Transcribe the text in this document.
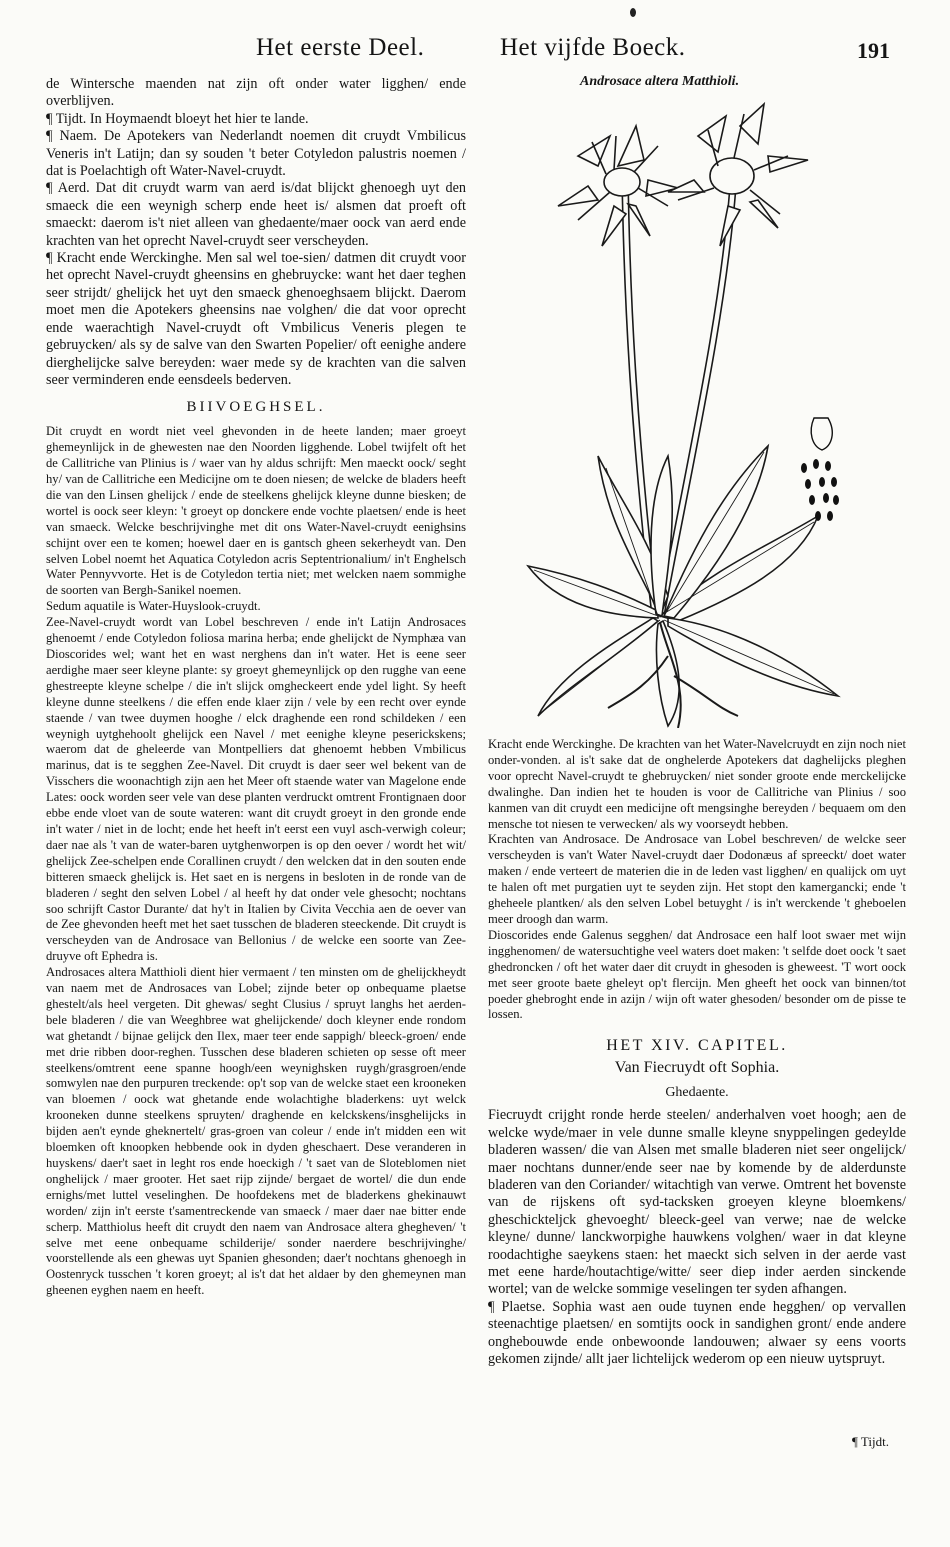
Het eerste Deel.	Het vijfde Boeck.	191
Androsace altera Matthioli.

de Wintersche maenden nat zijn oft onder water ligghen/ ende overblijven.

¶ Tijdt. In Hoymaendt bloeyt het hier te lande.

¶ Naem. De Apotekers van Nederlandt noemen dit cruydt Vmbilicus Veneris in't Latijn; dan sy souden 't beter Cotyledon palustris noemen / dat is Poelachtigh oft Water-Navel-cruydt.

¶ Aerd. Dat dit cruydt warm van aerd is/dat blijckt ghenoegh uyt den smaeck die een weynigh scherp ende heet is/ alsmen dat proeft oft smaeckt: daerom is't niet alleen van ghedaente/maer oock van aerd ende krachten van het oprecht Navel-cruydt seer verscheyden.

¶ Kracht ende Werckinghe. Men sal wel toe-sien/ datmen dit cruydt voor het oprecht Navel-cruydt gheensins en ghebruycke: want het daer teghen seer strijdt/ ghelijck het uyt den smaeck ghenoeghsaem blijckt. Daerom moet men die Apotekers gheensins nae volghen/ die dat voor oprecht ende waerachtigh Navel-cruydt oft Vmbilicus Veneris plegen te gebruycken/ als sy de salve van den Swarten Popelier/ oft eenighe andere dierghelijcke salve bereyden: waer mede sy de krachten van die salven seer verminderen ende eensdeels bederven.

BIIVOEGHSEL.

Dit cruydt en wordt niet veel ghevonden in de heete landen; maer groeyt ghemeynlijck in de ghewesten nae den Noorden ligghende. Lobel twijfelt oft het de Callitriche van Plinius is / waer van hy aldus schrijft: Men maeckt oock/ seght hy/ van de Callitriche een Medicijne om te doen niesen; de welcke de bladers heeft die van den Linsen ghelijck / ende de steelkens ghelijck kleyne dunne biesken; de wortel is oock seer kleyn: 't groeyt op donckere ende vochte plaetsen/ ende is heet van smaeck. Welcke beschrijvinghe met dit ons Water-Navel-cruydt eenighsins schijnt over een te komen; hoewel daer en is gantsch gheen sekerheydt van. Den selven Lobel noemt het Aquatica Cotyledon acris Septentrionalium/ in't Enghelsch Water Pennyvvorte. Het is de Cotyledon tertia niet; met welcken naem sommighe de soorten van Bergh-Sanikel noemen.

Sedum aquatile is Water-Huyslook-cruydt.

Zee-Navel-cruydt wordt van Lobel beschreven / ende in't Latijn Androsaces ghenoemt / ende Cotyledon foliosa marina herba; ende ghelijckt de Nymphæa van Dioscorides wel; want het en wast nerghens dan in't water. Het is eene seer aerdighe maer seer kleyne plante: sy groeyt ghemeynlijck op den rugghe van eene ghestreepte kleyne schelpe / die in't slijck omgheckeert ende ydel light. Sy heeft kleyne dunne steelkens / die effen ende klaer zijn / vele by een recht over eynde staende / van twee duymen hooghe / elck draghende een rond schildeken / een weynigh uytghehoolt ghelijck een Navel / met eenighe kleyne peserickskens; waerom dat de gheleerde van Montpelliers dat ghenoemt hebben Vmbilicus marinus, dat is te segghen Zee-Navel. Dit cruydt is daer seer wel bekent van de Visschers die woonachtigh zijn aen het Meer oft staende water van Magelone ende Lates: oock worden seer vele van dese planten verdruckt omtrent Frontignaen door ebbe ende vloet van de soute wateren: want dit cruydt groeyt in den gronde ende in't water / niet in de locht; ende het heeft in't eerst een vuyl asch-verwigh coleur; daer nae als 't van de water-baren uytghenworpen is op den oever / wordt het wit/ ghelijck Zee-schelpen ende Corallinen cruydt / den welcken dat in den souten ende bitteren smaeck ghelijck is. Het saet en is nergens in besloten in de ronde van de bladeren / seght den selven Lobel / al heeft hy dat onder vele ghesocht; nochtans soo schrijft Castor Durante/ dat hy't in Italien by Civita Vecchia aen de oever van de Zee ghevonden heeft met het saet tusschen de bladeren steeckende. Dit cruydt is verscheyden van de Androsace van Bellonius / de welcke een soorte van Zee-druyve oft Ephedra is.

Androsaces altera Matthioli dient hier vermaent / ten minsten om de ghelijckheydt van naem met de Androsaces van Lobel; zijnde beter op onbequame plaetse ghestelt/als heel vergeten. Dit ghewas/ seght Clusius / spruyt langhs het aerden-bele bladeren / die van Weeghbree wat ghelijckende/ doch kleyner ende rondom wat ghetandt / bijnae gelijck den Ilex, maer teer ende sappigh/ bleeck-groen/ ende met drie ribben door-reghen. Tusschen dese bladeren schieten op sesse oft meer steelkens/omtrent eene spanne hoogh/een weynighsken ruygh/grasgroen/ende somwylen nae den purpuren treckende: op't sop van de welcke staet een krooneken van bloemen / oock wat ghetande ende wolachtighe bladerkens: uyt welck krooneken dunne steelkens spruyten/ draghende en kelckskens/insghelijcks in bijden aen't eynde gheknertelt/ gras-groen van coleur / ende in't midden een wit bloemken oft knoopken hebbende ook in dyden gheschaert. Dese veranderen in huyskens/ daer't saet in leght ros ende hoeckigh / 't saet van de Sloteblomen niet onghelijck / maer grooter. Het saet rijp zijnde/ bergaet de wortel/ die dun ende ernighs/met luttel veselinghen. De hoofdekens met de bladerkens ghekinauwt worden/ zijn in't eerste t'samentreckende van smaeck / maer daer nae bitter ende scherp. Matthiolus heeft dit cruydt den naem van Androsace altera ghegheven/ 't selve met eene onbequame schilderije/ sonder naerdere beschrijvinghe/ voorstellende als een ghewas uyt Spanien ghesonden; daer't nochtans ghenoegh in Oostenryck tusschen 't koren groeyt; al is't dat het aldaer by den ghemeynen man gheenen eyghen naem en heeft.

Kracht ende Werckinghe. De krachten van het Water-Navelcruydt en zijn noch niet onder-vonden. al is't sake dat de onghelerde Apotekers dat daghelijcks pleghen voor oprecht Navel-cruydt te ghebruycken/ niet sonder groote ende merckelijcke dwalinghe. Dan indien het te houden is voor de Callitriche van Plinius / soo kanmen van dit cruydt een medicijne oft mengsinghe bereyden / bequaem om den mensche tot niesen te verwecken/ als wy voorseydt hebben.

Krachten van Androsace. De Androsace van Lobel beschreven/ de welcke seer verscheyden is van't Water Navel-cruydt daer Dodonæus af spreeckt/ doet water maken / ende verteert de materien die in de leden vast ligghen/ en qualijck om uyt te halen oft met purgatien uyt te seyden zijn. Het stopt den kamergancki; ende 't gheheele plantken/ als den selven Lobel betuyght / is in't werckende 't gheboelen meer droogh dan warm.

Dioscorides ende Galenus segghen/ dat Androsace een half loot swaer met wijn ingghenomen/ de watersuchtighe veel waters doet maken: 't selfde doet oock 't saet ghedroncken / oft het water daer dit cruydt in ghesoden is gheweest. 'T wort oock met seer groote baete gheleyt op't flercijn. Men gheeft het oock van binnen/tot poeder ghebroght ende in azijn / wijn oft water ghesoden/ besonder om de pisse te lossen.

HET XIV. CAPITEL.
Van Fiecruydt oft Sophia.
Ghedaente.

Fiecruydt crijght ronde herde steelen/ anderhalven voet hoogh; aen de welcke wyde/maer in vele dunne smalle kleyne snyppelingen gedeylde bladeren wassen/ die van Alsen met smalle bladeren niet seer ongelijck/ maer nochtans dunner/ende seer nae by komende by de alderdunste bladeren van den Coriander/ witachtigh van verwe. Omtrent het bovenste van de rijskens oft syd-tacksken groeyen kleyne bloemkens/ gheschickteljck ghevoeght/ bleeck-geel van verwe; nae de welcke kleyne/ dunne/ lanckworpighe hauwkens volghen/ waer in dat kleyne roodachtighe saeykens staen: het maeckt sich selven in der aerde vast met eene harde/houtachtige/witte/ seer diep inder aerden sinckende wortel; van de welcke sommige veselingen ter syden afhangen.

¶ Plaetse. Sophia wast aen oude tuynen ende hegghen/ op vervallen steenachtige plaetsen/ en somtijts oock in sandighen gront/ ende andere onghebouwde ende onbewoonde landouwen; alwaer sy eens voorts gekomen zijnde/ allt jaer lichtelijck wederom op een nieuw uytspruyt.

¶ Tijdt.
